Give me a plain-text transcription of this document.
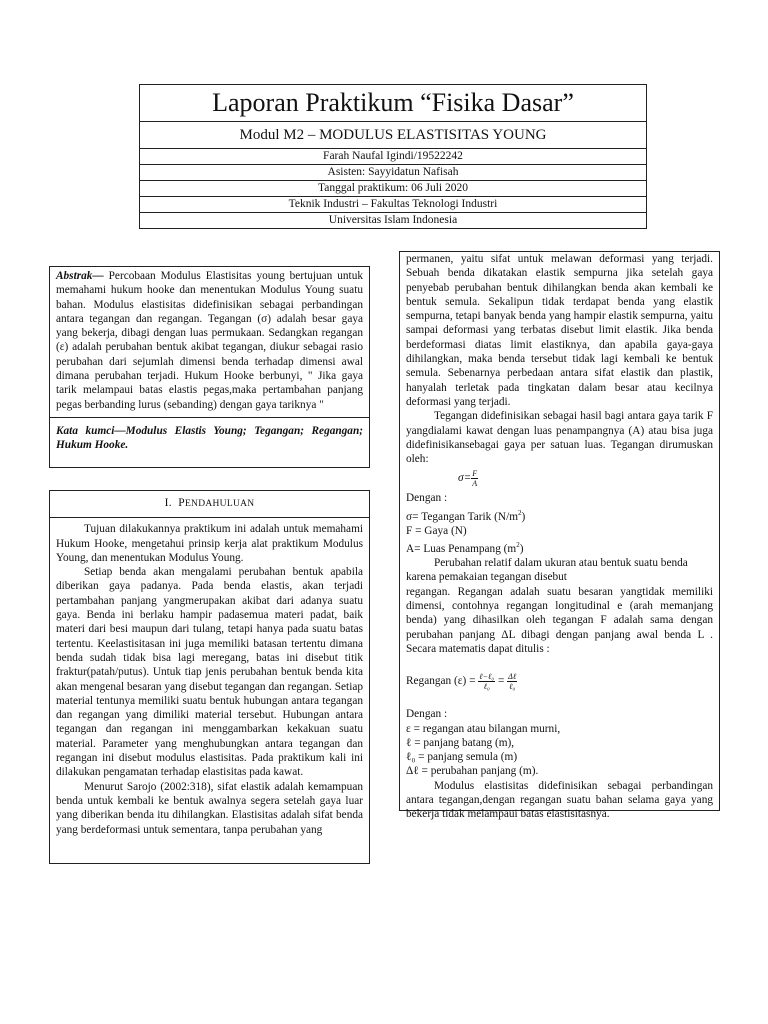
Laporan Praktikum “Fisika Dasar”
Modul M2 – MODULUS ELASTISITAS YOUNG
Farah Naufal Igindi/19522242
Asisten: Sayyidatun Nafisah
Tanggal praktikum: 06 Juli 2020
Teknik Industri – Fakultas Teknologi Industri
Universitas Islam Indonesia

Abstrak— Percobaan Modulus Elastisitas young bertujuan untuk memahami hukum hooke dan menentukan Modulus Young suatu bahan. Modulus elastisitas didefinisikan sebagai perbandingan antara tegangan dan regangan. Tegangan (σ) adalah besar gaya yang bekerja, dibagi dengan luas permukaan. Sedangkan regangan (ε) adalah perubahan bentuk akibat tegangan, diukur sebagai rasio perubahan dari sejumlah dimensi benda terhadap dimensi awal dimana perubahan terjadi. Hukum Hooke berbunyi, " Jika gaya tarik melampaui batas elastis pegas,maka pertambahan panjang pegas berbanding lurus (sebanding) dengan gaya tariknya "

Kata kumci—Modulus Elastis Young; Tegangan; Regangan; Hukum Hooke.
I. PENDAHULUAN

Tujuan dilakukannya praktikum ini adalah untuk memahami Hukum Hooke, mengetahui prinsip kerja alat praktikum Modulus Young, dan menentukan Modulus Young.

Setiap benda akan mengalami perubahan bentuk apabila diberikan gaya padanya. Pada benda elastis, akan terjadi pertambahan panjang yangmerupakan akibat dari adanya suatu gaya. Benda ini berlaku hampir padasemua materi padat, baik materi dari besi maupun dari tulang, tetapi hanya pada suatu batas tertentu. Keelastisitasan ini juga memiliki batasan tertentu dimana benda sudah tidak bisa lagi meregang, batas ini disebut titik fraktur(patah/putus). Untuk tiap jenis perubahan bentuk benda kita akan mengenal besaran yang disebut tegangan dan regangan. Setiap material tentunya memiliki suatu bentuk hubungan antara tegangan dan regangan yang dimiliki material tersebut. Hubungan antara tegangan dan regangan ini menggambarkan kekakuan suatu material. Parameter yang menghubungkan antara tegangan dan regangan ini disebut modulus elastisitas. Pada praktikum kali ini dilakukan pengamatan terhadap elastisitas pada kawat.

Menurut Sarojo (2002:318), sifat elastik adalah kemampuan benda untuk kembali ke bentuk awalnya segera setelah gaya luar yang diberikan benda itu dihilangkan. Elastisitas adalah sifat benda yang berdeformasi untuk sementara, tanpa perubahan yang

permanen, yaitu sifat untuk melawan deformasi yang terjadi. Sebuah benda dikatakan elastik sempurna jika setelah gaya penyebab perubahan bentuk dihilangkan benda akan kembali ke bentuk semula. Sekalipun tidak terdapat benda yang elastik sempurna, tetapi banyak benda yang hampir elastik sempurna, yaitu sampai deformasi yang terbatas disebut limit elastik. Jika benda berdeformasi diatas limit elastiknya, dan apabila gaya-gaya dihilangkan, maka benda tersebut tidak lagi kembali ke bentuk semula. Sebenarnya perbedaan antara sifat elastik dan plastik, hanyalah terletak pada tingkatan dalam besar atau kecilnya deformasi yang terjadi.

Tegangan didefinisikan sebagai hasil bagi antara gaya tarik F yangdialami kawat dengan luas penampangnya (A) atau bisa juga didefinisikansebagai gaya per satuan luas. Tegangan dirumuskan oleh:

$\sigma= \frac{F}{A}$
Dengan :
σ= Tegangan Tarik $(N/m^2)$
F = Gaya (N)
A= Luas Penampang $(m^2)$

Perubahan relatif dalam ukuran atau bentuk suatu benda karena pemakaian tegangan disebut

regangan. Regangan adalah suatu besaran yangtidak memiliki dimensi, contohnya regangan longitudinal e (arah memanjang benda) yang dihasilkan oleh tegangan F adalah sama dengan perubahan panjang ΔL dibagi dengan panjang awal benda L . Secara matematis dapat ditulis :

Regangan $(\varepsilon) = \frac{\text{ℓ−ℓ₀}}{\text{ℓ₀}} = \frac{\text{Δℓ}}{\text{ℓ₀}}$
Dengan :
ε = regangan atau bilangan murni,
ℓ = panjang batang (m),
ℓ₀ = panjang semula (m)
Δℓ = perubahan panjang (m).

Modulus elastisitas didefinisikan sebagai perbandingan antara tegangan,dengan regangan suatu bahan selama gaya yang bekerja tidak melampaui batas elastisitasnya.
